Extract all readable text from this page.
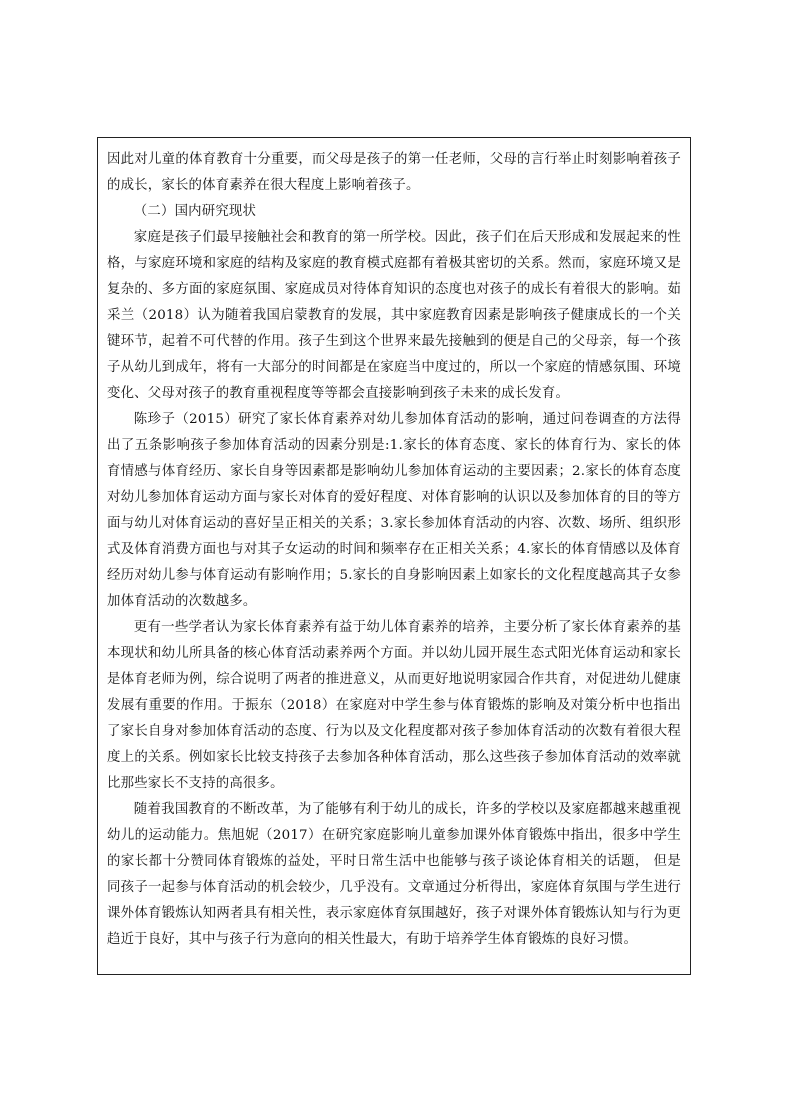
因此对儿童的体育教育十分重要，而父母是孩子的第一任老师，父母的言行举止时刻影响着孩子的成长，家长的体育素养在很大程度上影响着孩子。

（二）国内研究现状

家庭是孩子们最早接触社会和教育的第一所学校。因此，孩子们在后天形成和发展起来的性格，与家庭环境和家庭的结构及家庭的教育模式庭都有着极其密切的关系。然而，家庭环境又是复杂的、多方面的家庭氛围、家庭成员对待体育知识的态度也对孩子的成长有着很大的影响。茹采兰（2018）认为随着我国启蒙教育的发展，其中家庭教育因素是影响孩子健康成长的一个关键环节，起着不可代替的作用。孩子生到这个世界来最先接触到的便是自己的父母亲，每一个孩子从幼儿到成年，将有一大部分的时间都是在家庭当中度过的，所以一个家庭的情感氛围、环境变化、父母对孩子的教育重视程度等等都会直接影响到孩子未来的成长发育。

陈珍子（2015）研究了家长体育素养对幼儿参加体育活动的影响，通过问卷调查的方法得出了五条影响孩子参加体育活动的因素分别是:1.家长的体育态度、家长的体育行为、家长的体育情感与体育经历、家长自身等因素都是影响幼儿参加体育运动的主要因素；2.家长的体育态度对幼儿参加体育运动方面与家长对体育的爱好程度、对体育影响的认识以及参加体育的目的等方面与幼儿对体育运动的喜好呈正相关的关系；3.家长参加体育活动的内容、次数、场所、组织形式及体育消费方面也与对其子女运动的时间和频率存在正相关关系；4.家长的体育情感以及体育经历对幼儿参与体育运动有影响作用；5.家长的自身影响因素上如家长的文化程度越高其子女参加体育活动的次数越多。

更有一些学者认为家长体育素养有益于幼儿体育素养的培养，主要分析了家长体育素养的基本现状和幼儿所具备的核心体育活动素养两个方面。并以幼儿园开展生态式阳光体育运动和家长是体育老师为例，综合说明了两者的推进意义，从而更好地说明家园合作共育，对促进幼儿健康发展有重要的作用。于振东（2018）在家庭对中学生参与体育锻炼的影响及对策分析中也指出了家长自身对参加体育活动的态度、行为以及文化程度都对孩子参加体育活动的次数有着很大程度上的关系。例如家长比较支持孩子去参加各种体育活动，那么这些孩子参加体育活动的效率就比那些家长不支持的高很多。

随着我国教育的不断改革，为了能够有利于幼儿的成长，许多的学校以及家庭都越来越重视幼儿的运动能力。焦旭妮（2017）在研究家庭影响儿童参加课外体育锻炼中指出，很多中学生的家长都十分赞同体育锻炼的益处，平时日常生活中也能够与孩子谈论体育相关的话题， 但是同孩子一起参与体育活动的机会较少，几乎没有。文章通过分析得出，家庭体育氛围与学生进行课外体育锻炼认知两者具有相关性，表示家庭体育氛围越好，孩子对课外体育锻炼认知与行为更趋近于良好，其中与孩子行为意向的相关性最大，有助于培养学生体育锻炼的良好习惯。
